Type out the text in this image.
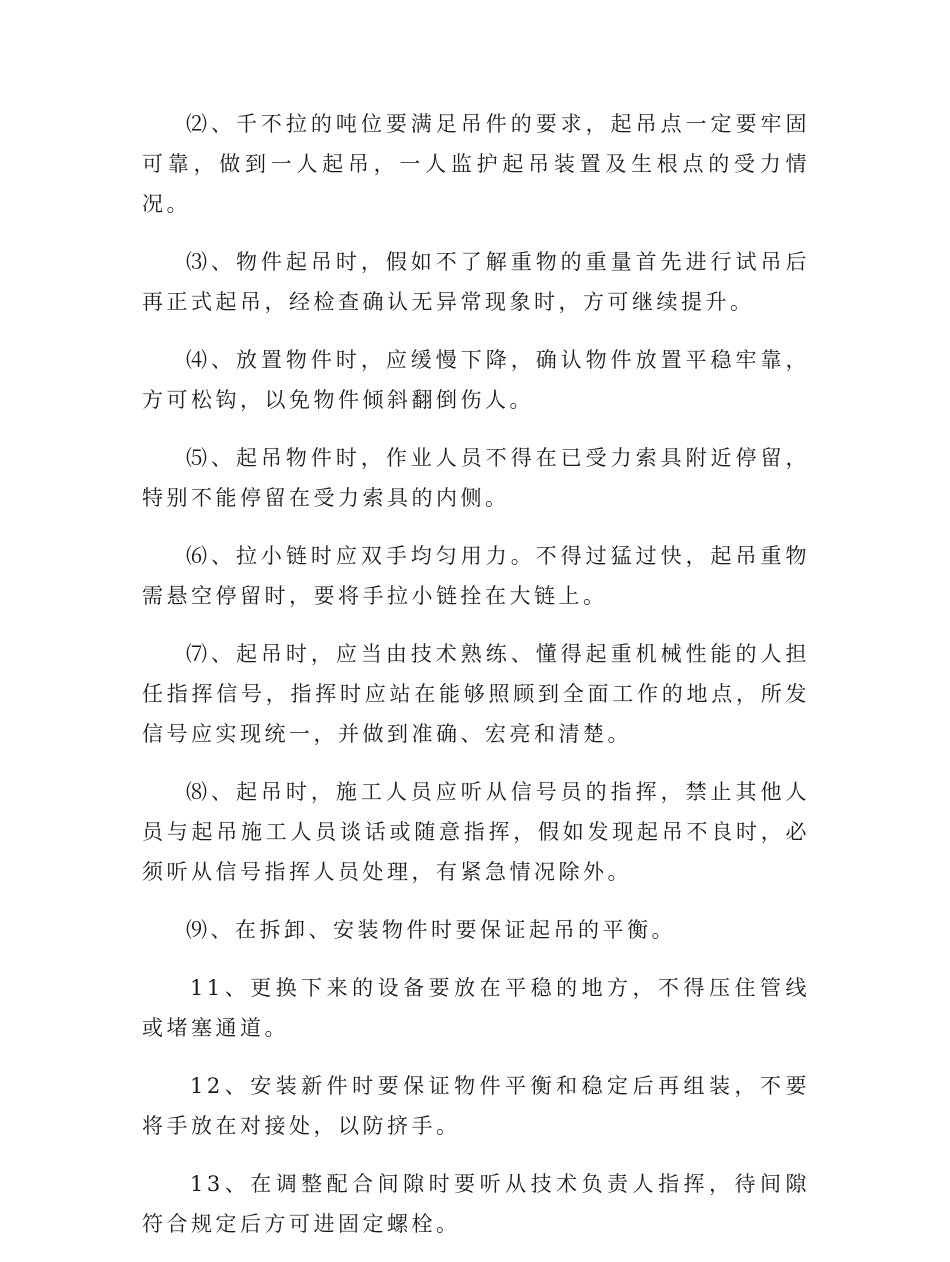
⑵、千不拉的吨位要满足吊件的要求，起吊点一定要牢固可靠，做到一人起吊，一人监护起吊装置及生根点的受力情况。

⑶、物件起吊时，假如不了解重物的重量首先进行试吊后再正式起吊，经检查确认无异常现象时，方可继续提升。

⑷、放置物件时，应缓慢下降，确认物件放置平稳牢靠，方可松钩，以免物件倾斜翻倒伤人。

⑸、起吊物件时，作业人员不得在已受力索具附近停留，特别不能停留在受力索具的内侧。

⑹、拉小链时应双手均匀用力。不得过猛过快，起吊重物需悬空停留时，要将手拉小链拴在大链上。

⑺、起吊时，应当由技术熟练、懂得起重机械性能的人担任指挥信号，指挥时应站在能够照顾到全面工作的地点，所发信号应实现统一，并做到准确、宏亮和清楚。

⑻、起吊时，施工人员应听从信号员的指挥，禁止其他人员与起吊施工人员谈话或随意指挥，假如发现起吊不良时，必须听从信号指挥人员处理，有紧急情况除外。

⑼、在拆卸、安装物件时要保证起吊的平衡。

11、更换下来的设备要放在平稳的地方，不得压住管线或堵塞通道。

12、安装新件时要保证物件平衡和稳定后再组装，不要将手放在对接处，以防挤手。

13、在调整配合间隙时要听从技术负责人指挥，待间隙符合规定后方可进固定螺栓。
